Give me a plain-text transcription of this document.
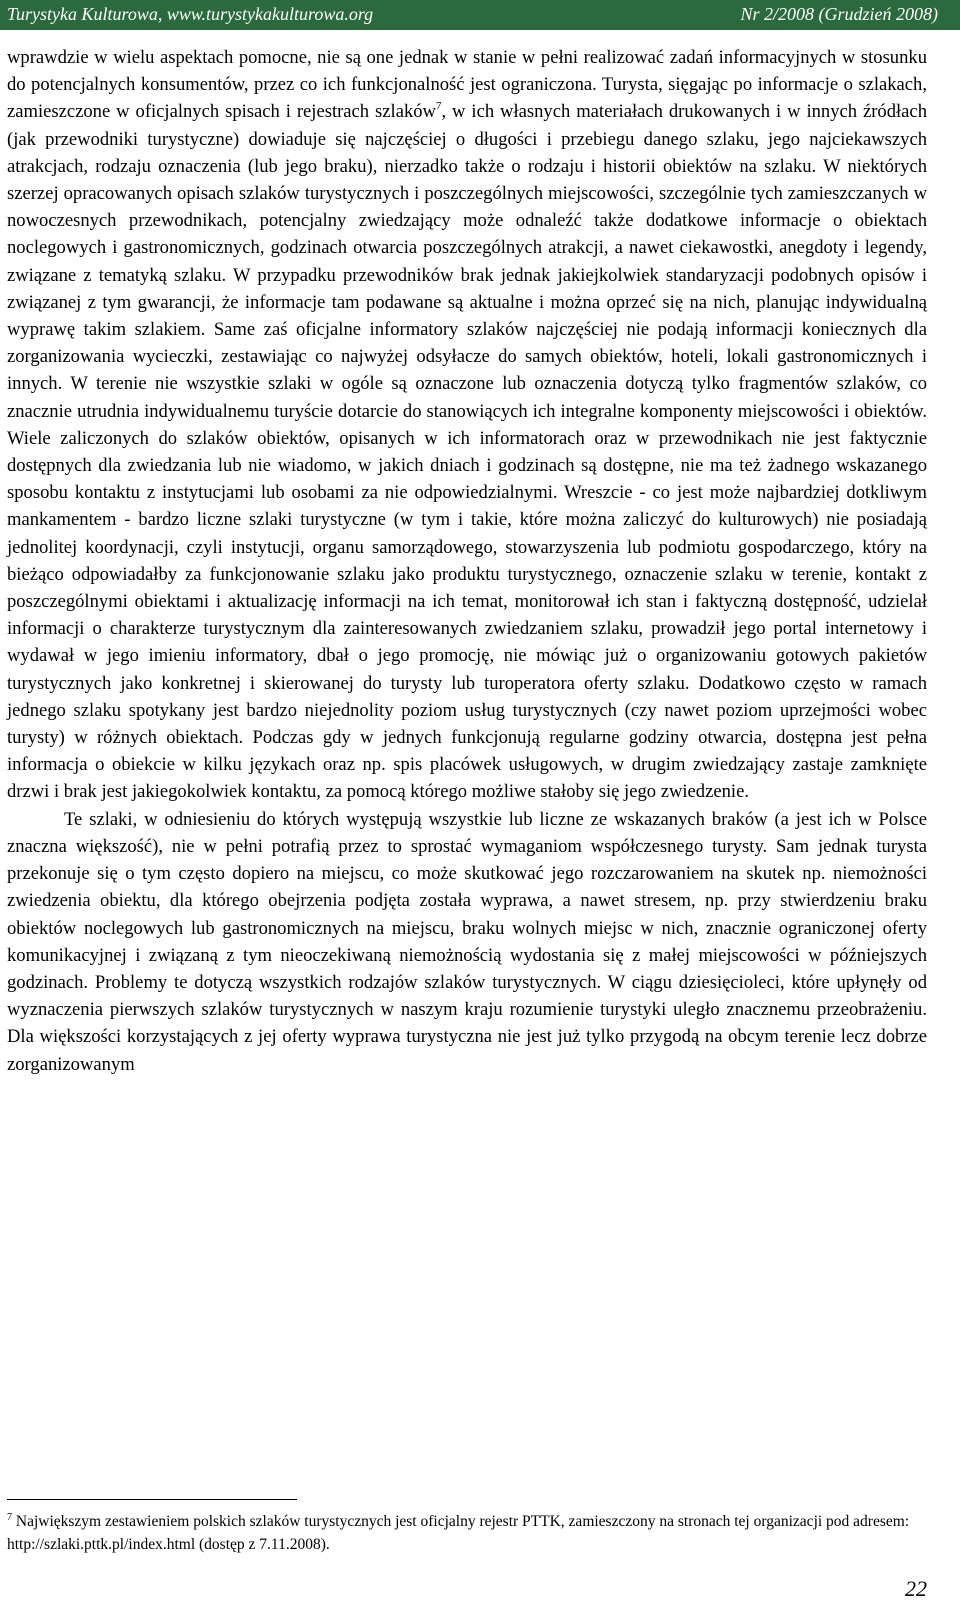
Turystyka Kulturowa, www.turystykakulturowa.org	Nr 2/2008 (Grudzień 2008)

wprawdzie w wielu aspektach pomocne, nie są one jednak w stanie w pełni realizować zadań informacyjnych w stosunku do potencjalnych konsumentów, przez co ich funkcjonalność jest ograniczona. Turysta, sięgając po informacje o szlakach, zamieszczone w oficjalnych spisach i rejestrach szlaków$^7$, w ich własnych materiałach drukowanych i w innych źródłach (jak przewodniki turystyczne) dowiaduje się najczęściej o długości i przebiegu danego szlaku, jego najciekawszych atrakcjach, rodzaju oznaczenia (lub jego braku), nierzadko także o rodzaju i historii obiektów na szlaku. W niektórych szerzej opracowanych opisach szlaków turystycznych i poszczególnych miejscowości, szczególnie tych zamieszczanych w nowoczesnych przewodnikach, potencjalny zwiedzający może odnaleźć także dodatkowe informacje o obiektach noclegowych i gastronomicznych, godzinach otwarcia poszczególnych atrakcji, a nawet ciekawostki, anegdoty i legendy, związane z tematyką szlaku. W przypadku przewodników brak jednak jakiejkolwiek standaryzacji podobnych opisów i związanej z tym gwarancji, że informacje tam podawane są aktualne i można oprzeć się na nich, planując indywidualną wyprawę takim szlakiem. Same zaś oficjalne informatory szlaków najczęściej nie podają informacji koniecznych dla zorganizowania wycieczki, zestawiając co najwyżej odsyłacze do samych obiektów, hoteli, lokali gastronomicznych i innych. W terenie nie wszystkie szlaki w ogóle są oznaczone lub oznaczenia dotyczą tylko fragmentów szlaków, co znacznie utrudnia indywidualnemu turyście dotarcie do stanowiących ich integralne komponenty miejscowości i obiektów. Wiele zaliczonych do szlaków obiektów, opisanych w ich informatorach oraz w przewodnikach nie jest faktycznie dostępnych dla zwiedzania lub nie wiadomo, w jakich dniach i godzinach są dostępne, nie ma też żadnego wskazanego sposobu kontaktu z instytucjami lub osobami za nie odpowiedzialnymi. Wreszcie - co jest może najbardziej dotkliwym mankamentem - bardzo liczne szlaki turystyczne (w tym i takie, które można zaliczyć do kulturowych) nie posiadają jednolitej koordynacji, czyli instytucji, organu samorządowego, stowarzyszenia lub podmiotu gospodarczego, który na bieżąco odpowiadałby za funkcjonowanie szlaku jako produktu turystycznego, oznaczenie szlaku w terenie, kontakt z poszczególnymi obiektami i aktualizację informacji na ich temat, monitorował ich stan i faktyczną dostępność, udzielał informacji o charakterze turystycznym dla zainteresowanych zwiedzaniem szlaku, prowadził jego portal internetowy i wydawał w jego imieniu informatory, dbał o jego promocję, nie mówiąc już o organizowaniu gotowych pakietów turystycznych jako konkretnej i skierowanej do turysty lub turoperatora oferty szlaku. Dodatkowo często w ramach jednego szlaku spotykany jest bardzo niejednolity poziom usług turystycznych (czy nawet poziom uprzejmości wobec turysty) w różnych obiektach. Podczas gdy w jednych funkcjonują regularne godziny otwarcia, dostępna jest pełna informacja o obiekcie w kilku językach oraz np. spis placówek usługowych, w drugim zwiedzający zastaje zamknięte drzwi i brak jest jakiegokolwiek kontaktu, za pomocą którego możliwe stałoby się jego zwiedzenie.

Te szlaki, w odniesieniu do których występują wszystkie lub liczne ze wskazanych braków (a jest ich w Polsce znaczna większość), nie w pełni potrafią przez to sprostać wymaganiom współczesnego turysty. Sam jednak turysta przekonuje się o tym często dopiero na miejscu, co może skutkować jego rozczarowaniem na skutek np. niemożności zwiedzenia obiektu, dla którego obejrzenia podjęta została wyprawa, a nawet stresem, np. przy stwierdzeniu braku obiektów noclegowych lub gastronomicznych na miejscu, braku wolnych miejsc w nich, znacznie ograniczonej oferty komunikacyjnej i związaną z tym nieoczekiwaną niemożnością wydostania się z małej miejscowości w późniejszych godzinach. Problemy te dotyczą wszystkich rodzajów szlaków turystycznych. W ciągu dziesięcioleci, które upłynęły od wyznaczenia pierwszych szlaków turystycznych w naszym kraju rozumienie turystyki uległo znacznemu przeobrażeniu. Dla większości korzystających z jej oferty wyprawa turystyczna nie jest już tylko przygodą na obcym terenie lecz dobrze zorganizowanym

$^7$ Największym zestawieniem polskich szlaków turystycznych jest oficjalny rejestr PTTK, zamieszczony na stronach tej organizacji pod adresem: http://szlaki.pttk.pl/index.html (dostęp z 7.11.2008).
22
